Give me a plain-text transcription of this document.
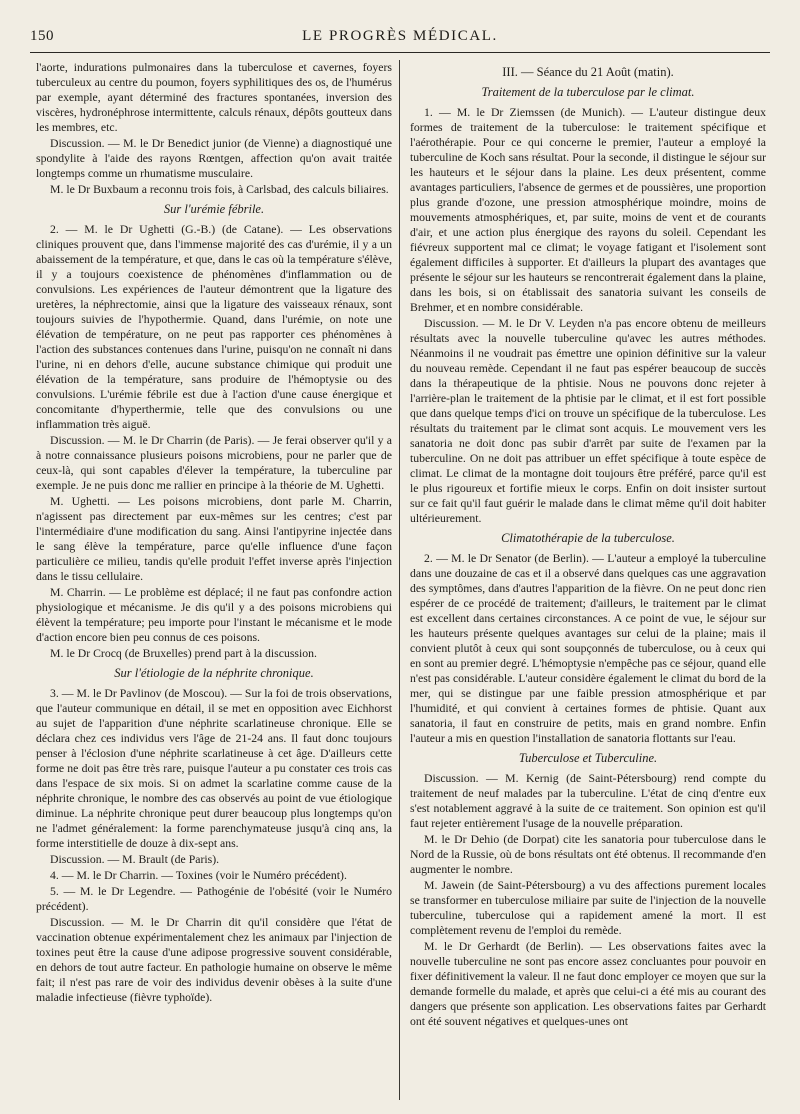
150	LE PROGRÈS MÉDICAL.

l'aorte, indurations pulmonaires dans la tuberculose et cavernes, foyers tuberculeux au centre du poumon, foyers syphilitiques des os, de l'humérus par exemple, ayant déterminé des fractures spontanées, inversion des viscères, hydronéphrose intermittente, calculs rénaux, dépôts goutteux dans les membres, etc.

Discussion. — M. le Dr Benedict junior (de Vienne) a diagnostiqué une spondylite à l'aide des rayons Rœntgen, affection qu'on avait traitée longtemps comme un rhumatisme musculaire.

M. le Dr Buxbaum a reconnu trois fois, à Carlsbad, des calculs biliaires.

Sur l'urémie fébrile.

2. — M. le Dr Ughetti (G.-B.) (de Catane). — Les observations cliniques prouvent que, dans l'immense majorité des cas d'urémie, il y a un abaissement de la température, et que, dans le cas où la température s'élève, il y a toujours coexistence de phénomènes d'inflammation ou de convulsions. Les expériences de l'auteur démontrent que la ligature des uretères, la néphrectomie, ainsi que la ligature des vaisseaux rénaux, sont toujours suivies de l'hypothermie. Quand, dans l'urémie, on note une élévation de température, on ne peut pas rapporter ces phénomènes à l'action des substances contenues dans l'urine, puisqu'on ne connaît ni dans l'urine, ni en dehors d'elle, aucune substance chimique qui produit une élévation de la température, sans produire de l'hémoptysie ou des convulsions. L'urémie fébrile est due à l'action d'une cause énergique et concomitante d'hyperthermie, telle que des convulsions ou une inflammation très aiguë.

Discussion. — M. le Dr Charrin (de Paris). — Je ferai observer qu'il y a à notre connaissance plusieurs poisons microbiens, pour ne parler que de ceux-là, qui sont capables d'élever la température, la tuberculine par exemple. Je ne puis donc me rallier en principe à la théorie de M. Ughetti.

M. Ughetti. — Les poisons microbiens, dont parle M. Charrin, n'agissent pas directement par eux-mêmes sur les centres; c'est par l'intermédiaire d'une modification du sang. Ainsi l'antipyrine injectée dans le sang élève la température, parce qu'elle influence d'une façon particulière ce milieu, tandis qu'elle produit l'effet inverse après l'injection dans le tissu cellulaire.

M. Charrin. — Le problème est déplacé; il ne faut pas confondre action physiologique et mécanisme. Je dis qu'il y a des poisons microbiens qui élèvent la température; peu importe pour l'instant le mécanisme et le mode d'action encore bien peu connus de ces poisons.

M. le Dr Crocq (de Bruxelles) prend part à la discussion.

Sur l'étiologie de la néphrite chronique.

3. — M. le Dr Pavlinov (de Moscou). — Sur la foi de trois observations, que l'auteur communique en détail, il se met en opposition avec Eichhorst au sujet de l'apparition d'une néphrite scarlatineuse chronique. Elle se déclara chez ces individus vers l'âge de 21-24 ans. Il faut donc toujours penser à l'éclosion d'une néphrite scarlatineuse à cet âge. D'ailleurs cette forme ne doit pas être très rare, puisque l'auteur a pu constater ces trois cas dans l'espace de six mois. Si on admet la scarlatine comme cause de la néphrite chronique, le nombre des cas observés au point de vue étiologique diminue. La néphrite chronique peut durer beaucoup plus longtemps qu'on ne l'admet généralement: la forme parenchymateuse jusqu'à cinq ans, la forme interstitielle de douze à dix-sept ans.

Discussion. — M. Brault (de Paris).

4. — M. le Dr Charrin. — Toxines (voir le Numéro précédent).

5. — M. le Dr Legendre. — Pathogénie de l'obésité (voir le Numéro précédent).

Discussion. — M. le Dr Charrin dit qu'il considère que l'état de vaccination obtenue expérimentalement chez les animaux par l'injection de toxines peut être la cause d'une adipose progressive souvent considérable, en dehors de tout autre facteur. En pathologie humaine on observe le même fait; il n'est pas rare de voir des individus devenir obèses à la suite d'une maladie infectieuse (fièvre typhoïde).

III. — Séance du 21 Août (matin).
Traitement de la tuberculose par le climat.

1. — M. le Dr Ziemssen (de Munich). — L'auteur distingue deux formes de traitement de la tuberculose: le traitement spécifique et l'aérothérapie. Pour ce qui concerne le premier, l'auteur a employé la tuberculine de Koch sans résultat. Pour la seconde, il distingue le séjour sur les hauteurs et le séjour dans la plaine. Les deux présentent, comme avantages particuliers, l'absence de germes et de poussières, une proportion plus grande d'ozone, une pression atmosphérique moindre, moins de mouvements atmosphériques, et, par suite, moins de vent et de courants d'air, et une action plus énergique des rayons du soleil. Cependant les fiévreux supportent mal ce climat; le voyage fatigant et l'isolement sont également difficiles à supporter. Et d'ailleurs la plupart des avantages que présente le séjour sur les hauteurs se rencontrerait également dans la plaine, dans les bois, si on établissait des sanatoria suivant les conseils de Brehmer, et en nombre considérable.

Discussion. — M. le Dr V. Leyden n'a pas encore obtenu de meilleurs résultats avec la nouvelle tuberculine qu'avec les autres méthodes. Néanmoins il ne voudrait pas émettre une opinion définitive sur la valeur du nouveau remède. Cependant il ne faut pas espérer beaucoup de succès dans la thérapeutique de la phtisie. Nous ne pouvons donc rejeter à l'arrière-plan le traitement de la phtisie par le climat, et il est fort possible que dans quelque temps d'ici on trouve un spécifique de la tuberculose. Les résultats du traitement par le climat sont acquis. Le mouvement vers les sanatoria ne doit donc pas subir d'arrêt par suite de l'examen par la tuberculine. On ne doit pas attribuer un effet spécifique à toute espèce de climat. Le climat de la montagne doit toujours être préféré, parce qu'il est le plus rigoureux et fortifie mieux le corps. Enfin on doit insister surtout sur ce fait qu'il faut guérir le malade dans le climat même qu'il doit habiter ultérieurement.

Climatothérapie de la tuberculose.

2. — M. le Dr Senator (de Berlin). — L'auteur a employé la tuberculine dans une douzaine de cas et il a observé dans quelques cas une aggravation des symptômes, dans d'autres l'apparition de la fièvre. On ne peut donc rien espérer de ce procédé de traitement; d'ailleurs, le traitement par le climat est excellent dans certaines circonstances. A ce point de vue, le séjour sur les hauteurs présente quelques avantages sur celui de la plaine; mais il convient plutôt à ceux qui sont soupçonnés de tuberculose, ou à ceux qui en sont au premier degré. L'hémoptysie n'empêche pas ce séjour, quand elle n'est pas considérable. L'auteur considère également le climat du bord de la mer, qui se distingue par une faible pression atmosphérique et par l'humidité, et qui convient à certaines formes de phtisie. Quant aux sanatoria, il faut en construire de petits, mais en grand nombre. Enfin l'auteur a mis en question l'installation de sanatoria flottants sur l'eau.

Tuberculose et Tuberculine.

Discussion. — M. Kernig (de Saint-Pétersbourg) rend compte du traitement de neuf malades par la tuberculine. L'état de cinq d'entre eux s'est notablement aggravé à la suite de ce traitement. Son opinion est qu'il faut rejeter entièrement l'usage de la nouvelle préparation.

M. le Dr Dehio (de Dorpat) cite les sanatoria pour tuberculose dans le Nord de la Russie, où de bons résultats ont été obtenus. Il recommande d'en augmenter le nombre.

M. Jawein (de Saint-Pétersbourg) a vu des affections purement locales se transformer en tuberculose miliaire par suite de l'injection de la nouvelle tuberculine, tuberculose qui a rapidement amené la mort. Il est complètement revenu de l'emploi du remède.

M. le Dr Gerhardt (de Berlin). — Les observations faites avec la nouvelle tuberculine ne sont pas encore assez concluantes pour pouvoir en fixer définitivement la valeur. Il ne faut donc employer ce moyen que sur la demande formelle du malade, et après que celui-ci a été mis au courant des dangers que présente son application. Les observations faites par Gerhardt ont été souvent négatives et quelques-unes ont
